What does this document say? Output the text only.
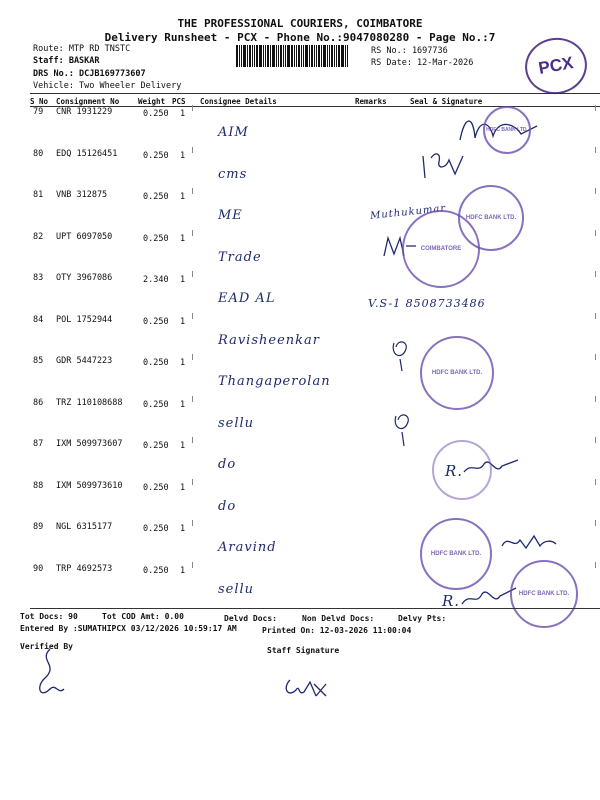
THE PROFESSIONAL COURIERS, COIMBATORE
Delivery Runsheet - PCX - Phone No.:9047080280 - Page No.:7
Route: MTP RD TNSTC
Staff: BASKAR
DRS No.: DCJB169773607
Vehicle: Two Wheeler Delivery
RS No.: 1697736
RS Date: 12-Mar-2026	PCX
S No Consignment No	Weight PCS Consignee Details	Remarks	Seal & Signature
79 CNR 1931229	0.250 1
AIM
80 EDQ 15126451	0.250 1
cms
81 VNB 312875	0.250 1
ME
82 UPT 6097050	0.250 1
Trade
83 OTY 3967086	2.340 1
EAD AL
84 POL 1752944	0.250 1
Ravisheenkar
85 GDR 5447223	0.250 1
Thangaperolan
86 TRZ 110108688 0.250 1
sellu
87 IXM 509973607 0.250 1
do
88 IXM 509973610 0.250 1
do
89 NGL 6315177	0.250 1
Aravind
90 TRP 4692573	0.250 1
sellu
Muthukumar
V.S-1 8508733486
R.
R.
HDFC BANK LTD.
HDFC BANK LTD.
COIMBATORE
HDFC BANK LTD.
HDFC BANK LTD.
HDFC BANK LTD.
Tot Docs: 90	Tot COD Amt: 0.00	Delvd Docs:	Non Delvd Docs:	Delvy Pts:
Entered By :SUMATHIPCX 03/12/2026 10:59:17 AM	Printed On: 12-03-2026 11:00:04
Verified By	Staff Signature
